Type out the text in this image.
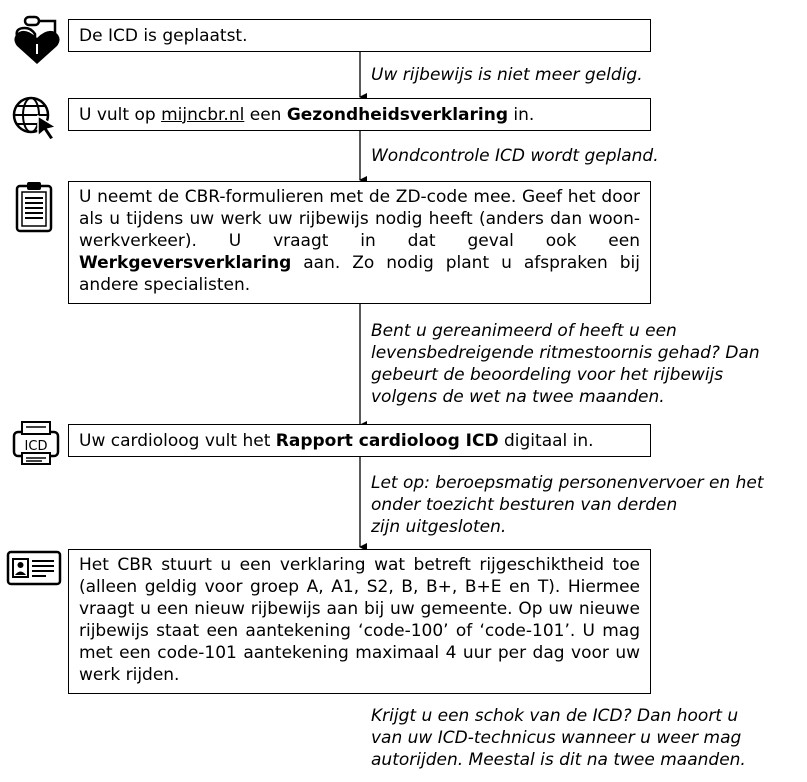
ICD
De ICD is geplaatst.
U vult op mijncbr.nl een Gezondheidsverklaring in.
U neemt de CBR-formulieren met de ZD-code mee. Geef het door als u tijdens uw werk uw rijbewijs nodig heeft (anders dan woon-werkverkeer). U vraagt in dat geval ook een Werkgeversverklaring aan. Zo nodig plant u afspraken bij andere specialisten.
Uw cardioloog vult het Rapport cardioloog ICD digitaal in.
Het CBR stuurt u een verklaring wat betreft rijgeschiktheid toe (alleen geldig voor groep A, A1, S2, B, B+, B+E en T). Hiermee vraagt u een nieuw rijbewijs aan bij uw gemeente. Op uw nieuwe rijbewijs staat een aantekening ‘code-100’ of ‘code-101’. U mag met een code-101 aantekening maximaal 4 uur per dag voor uw werk rijden.
Uw rijbewijs is niet meer geldig.
Wondcontrole ICD wordt gepland.
Bent u gereanimeerd of heeft u een
levensbedreigende ritmestoornis gehad? Dan
gebeurt de beoordeling voor het rijbewijs
volgens de wet na twee maanden.
Let op: beroepsmatig personenvervoer en het
onder toezicht besturen van derden
zijn uitgesloten.
Krijgt u een schok van de ICD? Dan hoort u
van uw ICD-technicus wanneer u weer mag
autorijden. Meestal is dit na twee maanden.
